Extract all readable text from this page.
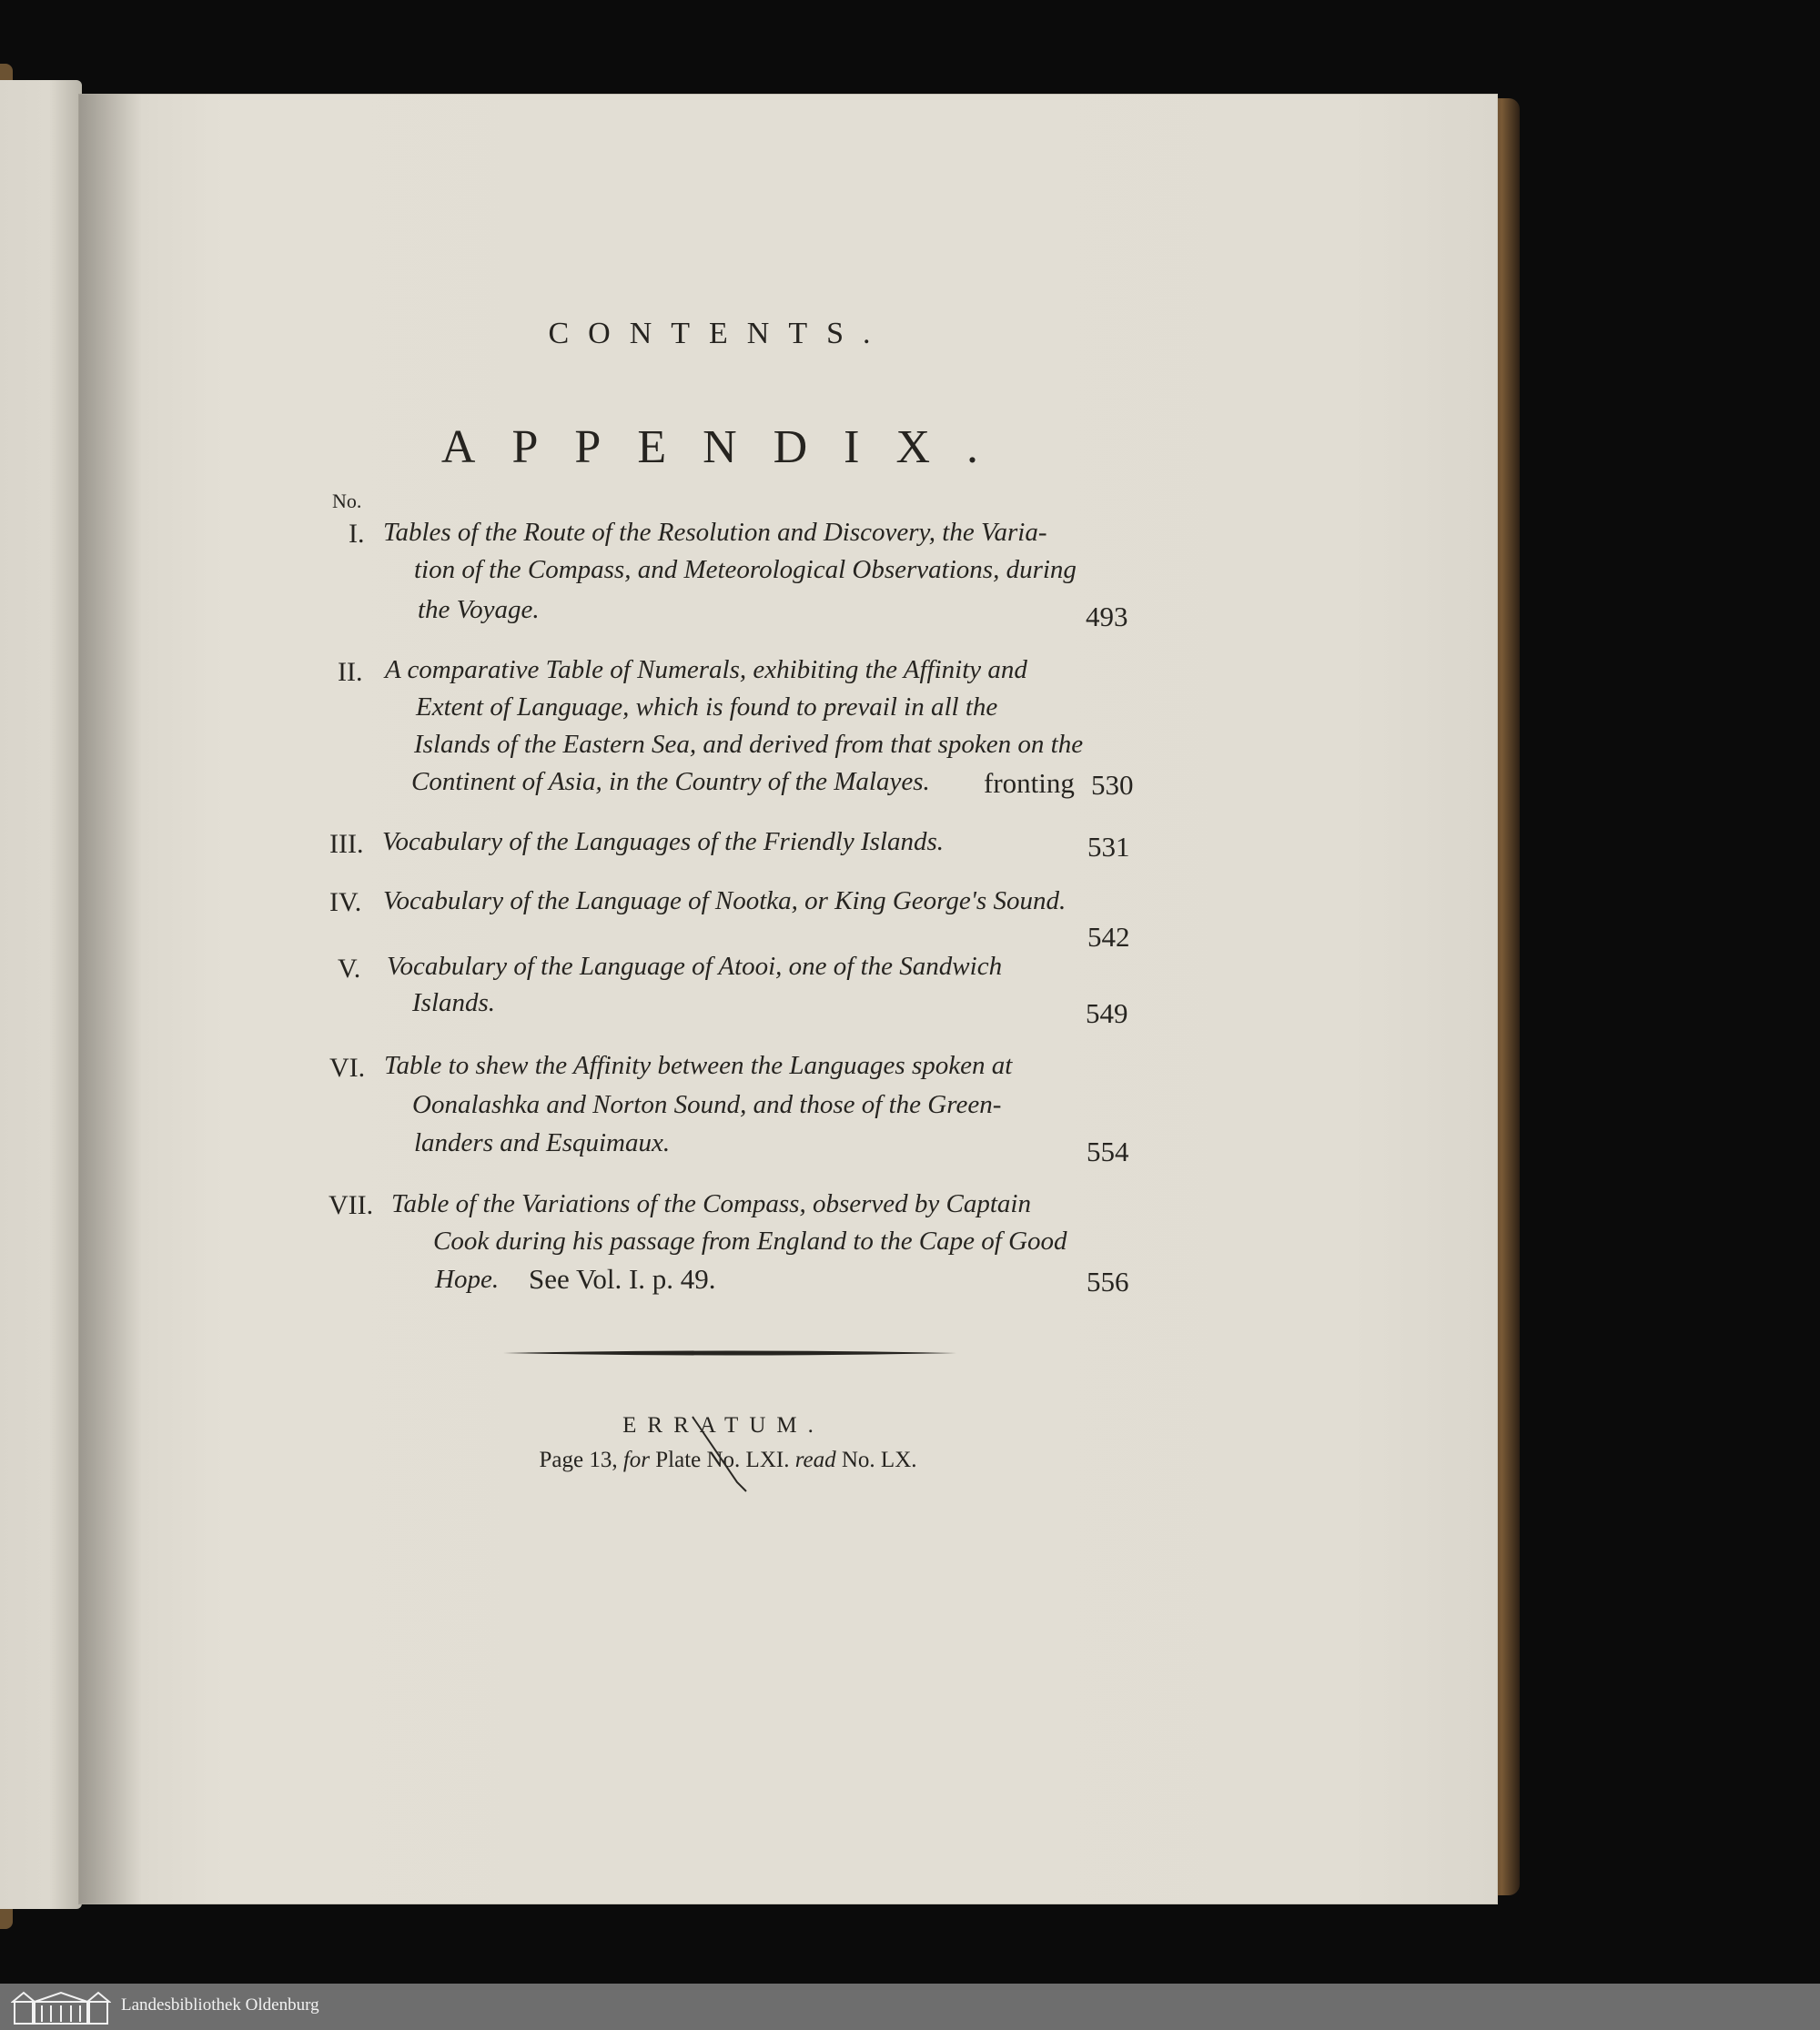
CONTENTS.
APPENDIX.
No.
I. Tables of the Route of the Resolution and Discovery, the Varia-
tion of the Compass, and Meteorological Observations, during
the Voyage.	493
II. A comparative Table of Numerals, exhibiting the Affinity and
Extent of Language, which is found to prevail in all the
Islands of the Eastern Sea, and derived from that spoken on the
Continent of Asia, in the Country of the Malayes. fronting 530
III. Vocabulary of the Languages of the Friendly Islands.	531
IV. Vocabulary of the Language of Nootka, or King George's Sound.
542
V. Vocabulary of the Language of Atooi, one of the Sandwich
Islands.	549
VI. Table to shew the Affinity between the Languages spoken at
Oonalashka and Norton Sound, and those of the Green-
landers and Esquimaux.	554
VII. Table of the Variations of the Compass, observed by Captain
Cook during his passage from England to the Cape of Good
Hope. See Vol. I. p. 49.	556
ERRATUM.
Page 13, for Plate No. LXI. read No. LX.
Landesbibliothek Oldenburg
